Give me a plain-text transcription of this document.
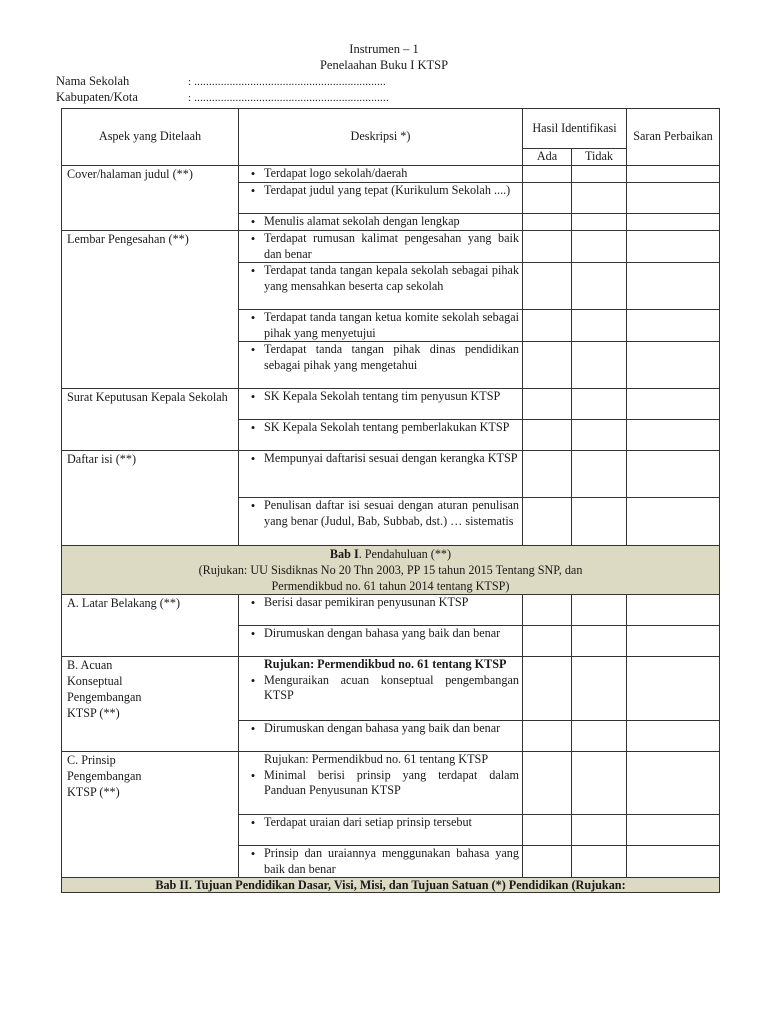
Instrumen – 1
Penelaahan Buku I KTSP
Nama Sekolah	: .................................................................
Kabupaten/Kota	: ..................................................................
Aspek yang Ditelaah	Deskripsi *)	Hasil Identifikasi		Saran Perbaikan
		Ada	Tidak	
Cover/halaman judul (**)	• Terdapat logo sekolah/daerah			

	• Terdapat judul yang tepat (Kurikulum Sekolah ....)			

	• Menulis alamat sekolah dengan lengkap			

Lembar Pengesahan (**)	• Terdapat rumusan kalimat pengesahan yang baik dan benar			

	• Terdapat tanda tangan kepala sekolah sebagai pihak yang mensahkan beserta cap sekolah			

	• Terdapat tanda tangan ketua komite sekolah sebagai pihak yang menyetujui			

	• Terdapat tanda tangan pihak dinas pendidikan sebagai pihak yang mengetahui			

Surat Keputusan Kepala Sekolah	• SK Kepala Sekolah tentang tim penyusun KTSP			

	• SK Kepala Sekolah tentang pemberlakukan KTSP			

Daftar isi (**)	• Mempunyai daftarisi sesuai dengan kerangka KTSP			

	• Penulisan daftar isi sesuai dengan aturan penulisan yang benar (Judul, Bab, Subbab, dst.) … sistematis			

Bab I. Pendahuluan (**)
(Rujukan: UU Sisdiknas No 20 Thn 2003, PP 15 tahun 2015 Tentang SNP, dan
Permendikbud no. 61 tahun 2014 tentang KTSP)				

A. Latar Belakang (**)	• Berisi dasar pemikiran penyusunan KTSP			

	• Dirumuskan dengan bahasa yang baik dan benar			

B. Acuan Konseptual Pengembangan KTSP (**)	Rujukan: Permendikbud no. 61 tentang KTSP
• Menguraikan acuan konseptual pengembangan KTSP			

	• Dirumuskan dengan bahasa yang baik dan benar			

C. Prinsip Pengembangan KTSP (**)	Rujukan: Permendikbud no. 61 tentang KTSP
• Minimal berisi prinsip yang terdapat dalam Panduan Penyusunan KTSP			

	• Terdapat uraian dari setiap prinsip tersebut			

	• Prinsip dan uraiannya menggunakan bahasa yang baik dan benar			

Bab II. Tujuan Pendidikan Dasar, Visi, Misi, dan Tujuan Satuan (*) Pendidikan (Rujukan:				
